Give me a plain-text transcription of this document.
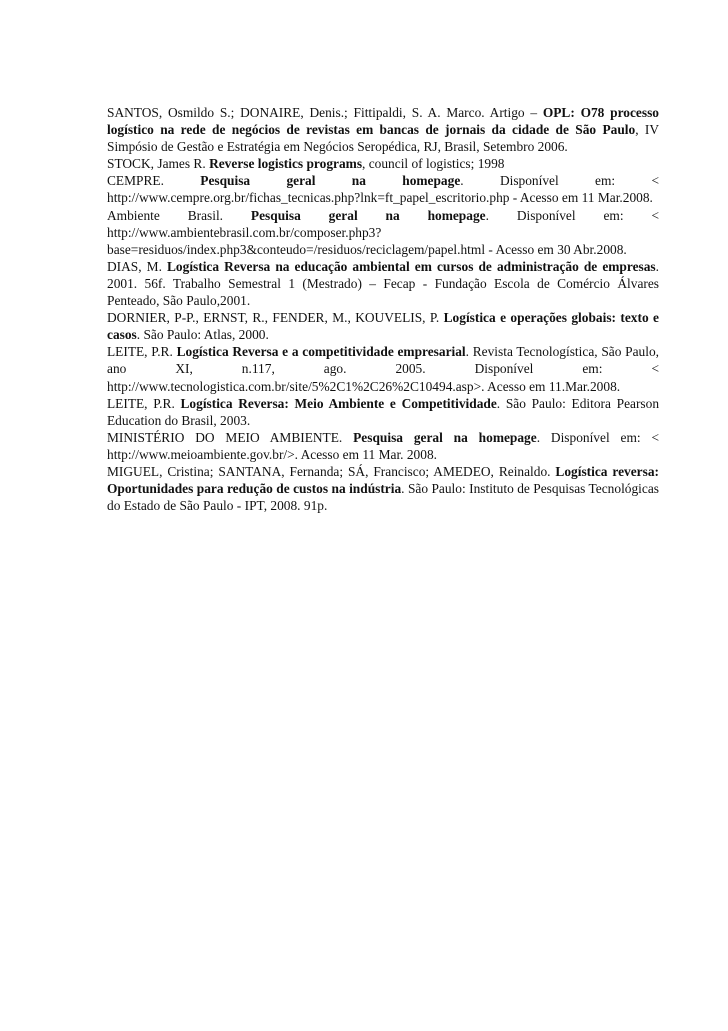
SANTOS, Osmildo S.; DONAIRE, Denis.; Fittipaldi, S. A. Marco. Artigo – OPL: O78 processo logístico na rede de negócios de revistas em bancas de jornais da cidade de São Paulo, IV Simpósio de Gestão e Estratégia em Negócios Seropédica, RJ, Brasil, Setembro 2006.

STOCK, James R. Reverse logistics programs, council of logistics; 1998

CEMPRE. Pesquisa geral na homepage. Disponível em: < http://www.cempre.org.br/fichas_tecnicas.php?lnk=ft_papel_escritorio.php - Acesso em 11 Mar.2008.

Ambiente Brasil. Pesquisa geral na homepage. Disponível em: < http://www.ambientebrasil.com.br/composer.php3?base=residuos/index.php3&conteudo=/residuos/reciclagem/papel.html - Acesso em 30 Abr.2008.

DIAS, M. Logística Reversa na educação ambiental em cursos de administração de empresas. 2001. 56f. Trabalho Semestral 1 (Mestrado) – Fecap - Fundação Escola de Comércio Álvares Penteado, São Paulo,2001.

DORNIER, P-P., ERNST, R., FENDER, M., KOUVELIS, P. Logística e operações globais: texto e casos. São Paulo: Atlas, 2000.

LEITE, P.R. Logística Reversa e a competitividade empresarial. Revista Tecnologística, São Paulo, ano XI, n.117, ago. 2005. Disponível em: < http://www.tecnologistica.com.br/site/5%2C1%2C26%2C10494.asp>. Acesso em 11.Mar.2008.

LEITE, P.R. Logística Reversa: Meio Ambiente e Competitividade. São Paulo: Editora Pearson Education do Brasil, 2003.

MINISTÉRIO DO MEIO AMBIENTE. Pesquisa geral na homepage. Disponível em: < http://www.meioambiente.gov.br/>. Acesso em 11 Mar. 2008.

MIGUEL, Cristina; SANTANA, Fernanda; SÁ, Francisco; AMEDEO, Reinaldo. Logística reversa: Oportunidades para redução de custos na indústria. São Paulo: Instituto de Pesquisas Tecnológicas do Estado de São Paulo - IPT, 2008. 91p.
